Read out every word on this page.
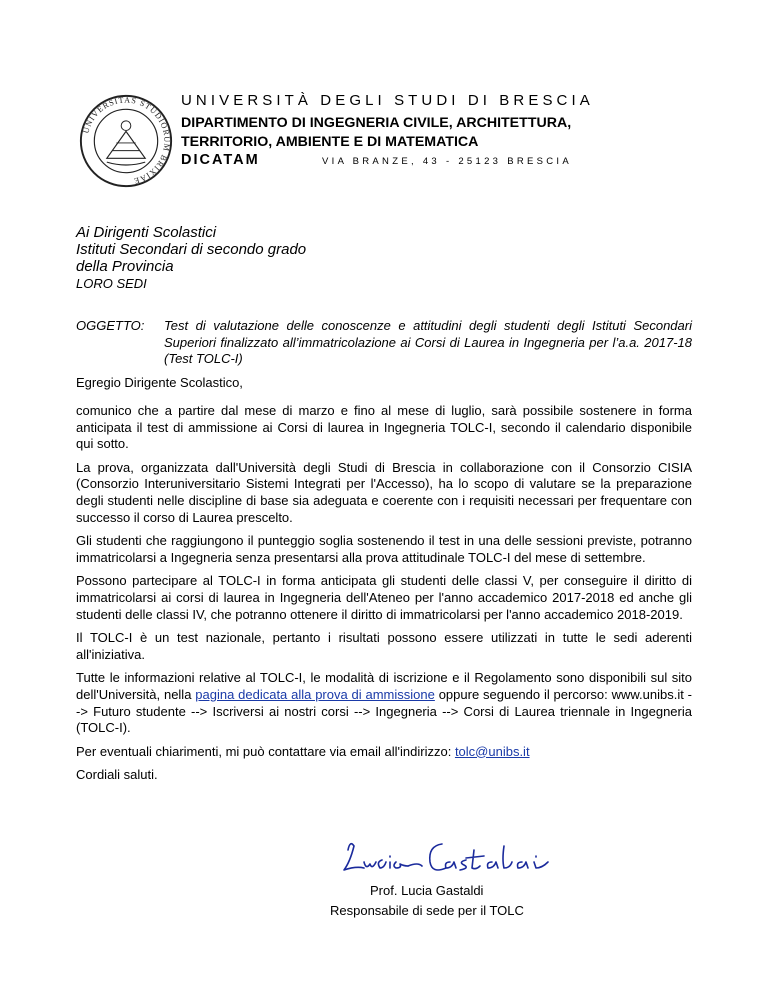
UNIVERSITAS STUDIORUM BRIXIAE
UNIVERSITÀ DEGLI STUDI DI BRESCIA
DIPARTIMENTO DI INGEGNERIA CIVILE, ARCHITETTURA,
TERRITORIO, AMBIENTE E DI MATEMATICA
DICATAM	VIA BRANZE, 43 - 25123 BRESCIA
Ai Dirigenti Scolastici
Istituti Secondari di secondo grado
della Provincia
LORO SEDI
OGGETTO: Test di valutazione delle conoscenze e attitudini degli studenti degli Istituti Secondari Superiori finalizzato all’immatricolazione ai Corsi di Laurea in Ingegneria per l’a.a. 2017-18 (Test TOLC-I)
Egregio Dirigente Scolastico,

comunico che a partire dal mese di marzo e fino al mese di luglio, sarà possibile sostenere in forma anticipata il test di ammissione ai Corsi di laurea in Ingegneria TOLC-I, secondo il calendario disponibile qui sotto.

La prova, organizzata dall'Università degli Studi di Brescia in collaborazione con il Consorzio CISIA (Consorzio Interuniversitario Sistemi Integrati per l'Accesso), ha lo scopo di valutare se la preparazione degli studenti nelle discipline di base sia adeguata e coerente con i requisiti necessari per frequentare con successo il corso di Laurea prescelto.

Gli studenti che raggiungono il punteggio soglia sostenendo il test in una delle sessioni previste, potranno immatricolarsi a Ingegneria senza presentarsi alla prova attitudinale TOLC-I del mese di settembre.

Possono partecipare al TOLC-I in forma anticipata gli studenti delle classi V, per conseguire il diritto di immatricolarsi ai corsi di laurea in Ingegneria dell'Ateneo per l'anno accademico 2017-2018 ed anche gli studenti delle classi IV, che potranno ottenere il diritto di immatricolarsi per l'anno accademico 2018-2019.

Il TOLC-I è un test nazionale, pertanto i risultati possono essere utilizzati in tutte le sedi aderenti all'iniziativa.

Tutte le informazioni relative al TOLC-I, le modalità di iscrizione e il Regolamento sono disponibili sul sito dell'Università, nella pagina dedicata alla prova di ammissione oppure seguendo il percorso: www.unibs.it --> Futuro studente --> Iscriversi ai nostri corsi --> Ingegneria --> Corsi di Laurea triennale in Ingegneria (TOLC-I).

Per eventuali chiarimenti, mi può contattare via email all'indirizzo: tolc@unibs.it

Cordiali saluti.

Prof. Lucia Gastaldi
Responsabile di sede per il TOLC
